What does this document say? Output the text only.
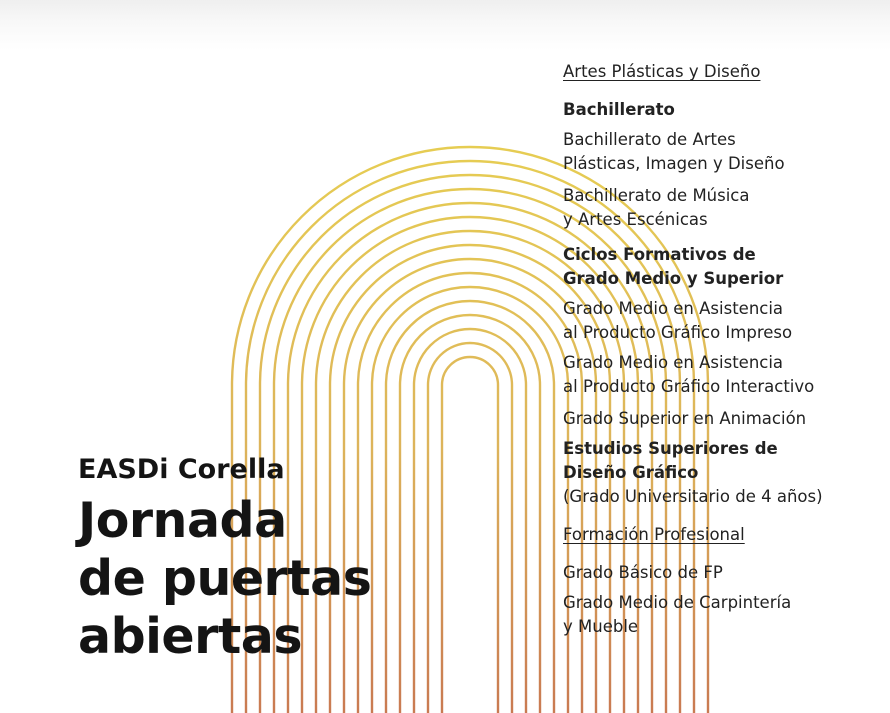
Artes Plásticas y Diseño
Bachillerato
Bachillerato de Artes
Plásticas, Imagen y Diseño
Bachillerato de Música
y Artes Escénicas
Ciclos Formativos de
Grado Medio y Superior
Grado Medio en Asistencia
al Producto Gráfico Impreso
Grado Medio en Asistencia
al Producto Gráfico Interactivo
Grado Superior en Animación
Estudios Superiores de
Diseño Gráfico
(Grado Universitario de 4 años)
Formación Profesional
Grado Básico de FP
Grado Medio de Carpintería
y Mueble
EASDi Corella
Jornada
de puertas
abiertas
